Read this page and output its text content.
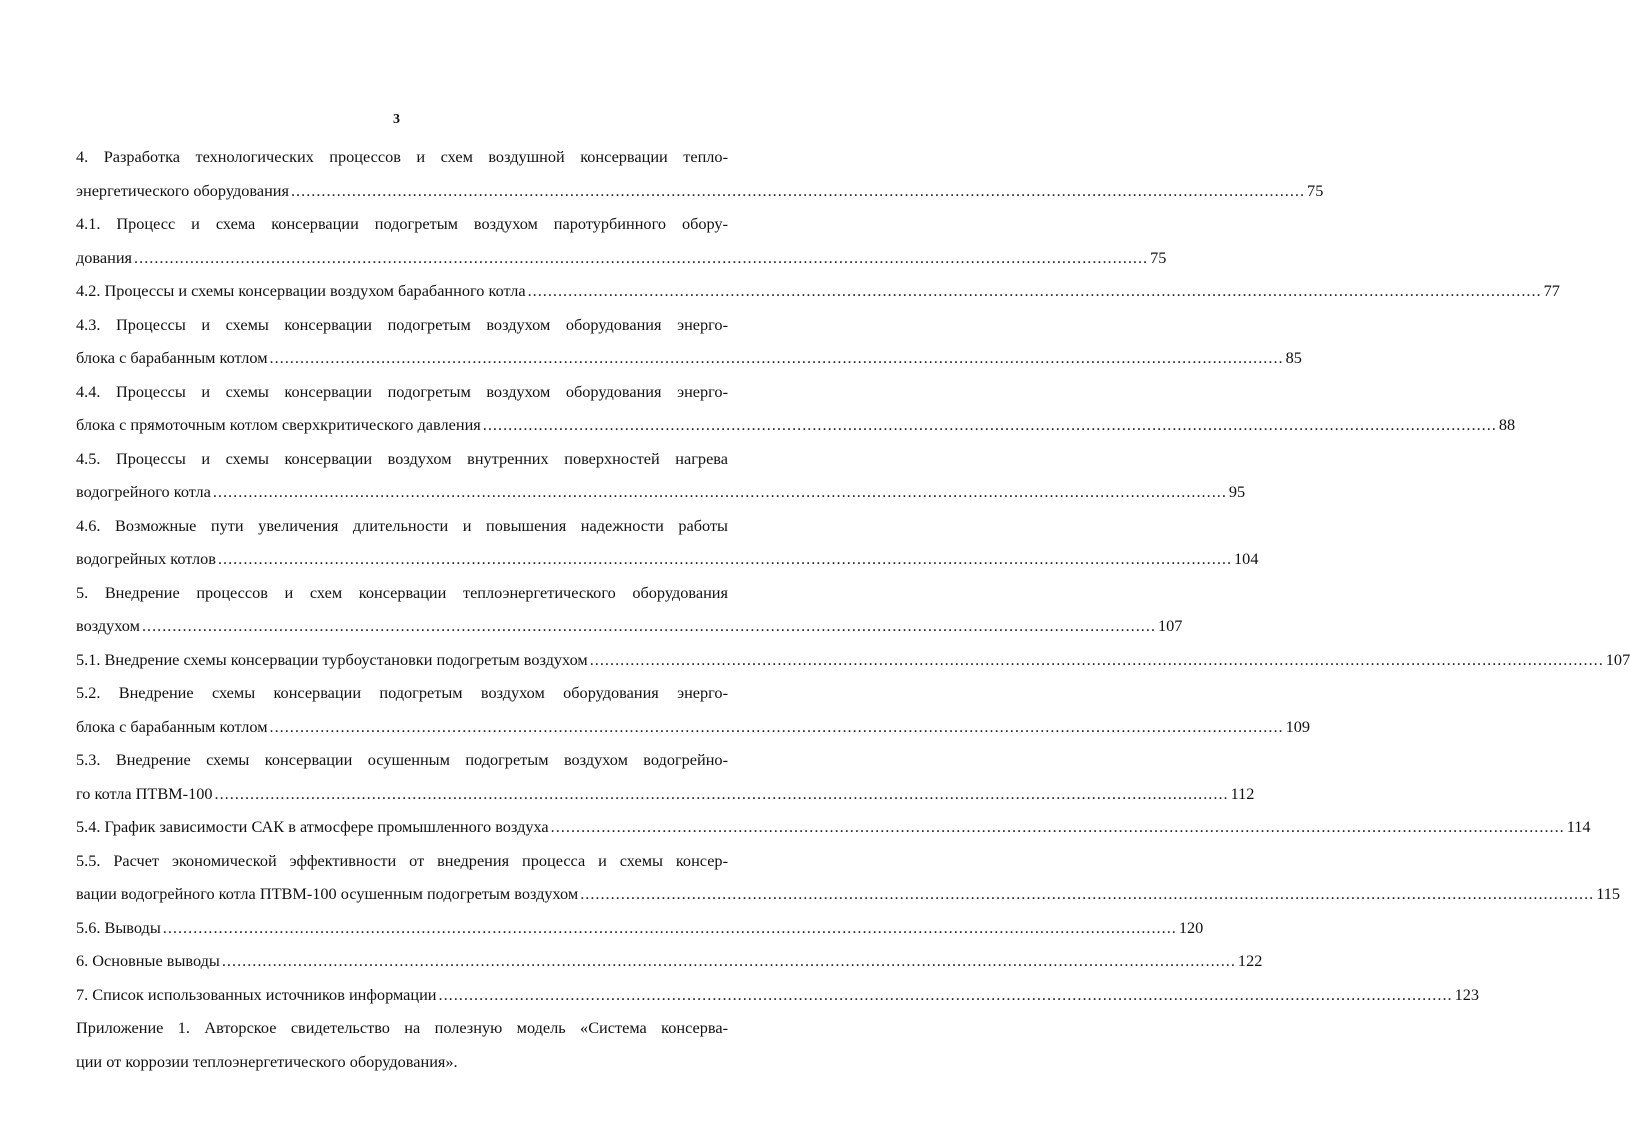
3
4. Разработка технологических процессов и схем воздушной консервации тепло-
энергетического оборудования ........................................................................................................................................................................................................ 75
4.1. Процесс и схема консервации подогретым воздухом паротурбинного обору-
дования ........................................................................................................................................................................................................ 75
4.2. Процессы и схемы консервации воздухом барабанного котла ........................................................................................................................................................................................................ 77
4.3. Процессы и схемы консервации подогретым воздухом оборудования энерго-
блока с барабанным котлом ........................................................................................................................................................................................................ 85
4.4. Процессы и схемы консервации подогретым воздухом оборудования энерго-
блока с прямоточным котлом сверхкритического давления ........................................................................................................................................................................................................ 88
4.5. Процессы и схемы консервации воздухом внутренних поверхностей нагрева
водогрейного котла ........................................................................................................................................................................................................ 95
4.6. Возможные пути увеличения длительности и повышения надежности работы
водогрейных котлов ........................................................................................................................................................................................................ 104
5. Внедрение процессов и схем консервации теплоэнергетического оборудования
воздухом ........................................................................................................................................................................................................ 107
5.1. Внедрение схемы консервации турбоустановки подогретым воздухом ........................................................................................................................................................................................................ 107
5.2. Внедрение схемы консервации подогретым воздухом оборудования энерго-
блока с барабанным котлом ........................................................................................................................................................................................................ 109
5.3. Внедрение схемы консервации осушенным подогретым воздухом водогрейно-
го котла ПТВМ-100 ........................................................................................................................................................................................................ 112
5.4. График зависимости САК в атмосфере промышленного воздуха ........................................................................................................................................................................................................ 114
5.5. Расчет экономической эффективности от внедрения процесса и схемы консер-
вации водогрейного котла ПТВМ-100 осушенным подогретым воздухом ........................................................................................................................................................................................................ 115
5.6. Выводы ........................................................................................................................................................................................................ 120
6. Основные выводы ........................................................................................................................................................................................................ 122
7. Список использованных источников информации ........................................................................................................................................................................................................ 123
Приложение 1. Авторское свидетельство на полезную модель «Система консерва-
ции от коррозии теплоэнергетического оборудования».
